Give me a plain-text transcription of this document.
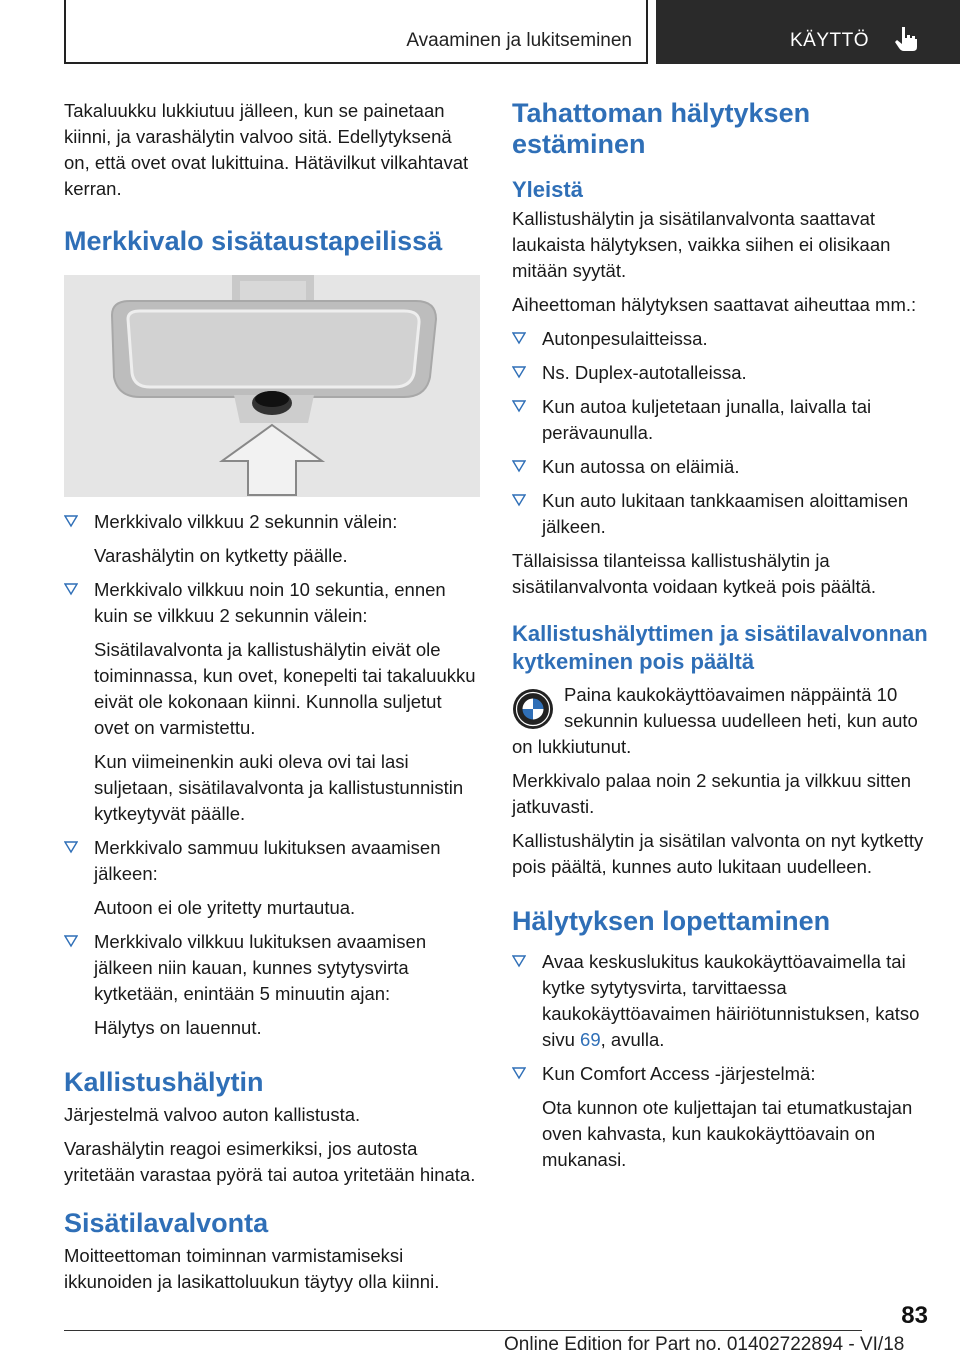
Avaaminen ja lukitseminen	KÄYTTÖ

Takaluukku lukkiutuu jälleen, kun se painetaan kiinni, ja varashälytin valvoo sitä. Edellytyksenä on, että ovet ovat lukittuina. Hätävilkut vilkahtavat kerran.

Merkkivalo sisätaustapeilissä
Merkkivalo vilkkuu 2 sekunnin välein:
Varashälytin on kytketty päälle.
Merkkivalo vilkkuu noin 10 sekuntia, ennen kuin se vilkkuu 2 sekunnin välein:
Sisätilavalvonta ja kallistushälytin eivät ole toiminnassa, kun ovet, konepelti tai takaluukku eivät ole kokonaan kiinni. Kunnolla suljetut ovet on varmistettu.
Kun viimeinenkin auki oleva ovi tai lasi suljetaan, sisätilavalvonta ja kallistustunnistin kytkeytyvät päälle.
Merkkivalo sammuu lukituksen avaamisen jälkeen:
Autoon ei ole yritetty murtautua.
Merkkivalo vilkkuu lukituksen avaamisen jälkeen niin kauan, kunnes sytytysvirta kytketään, enintään 5 minuutin ajan:
Hälytys on lauennut.
Kallistushälytin

Järjestelmä valvoo auton kallistusta.

Varashälytin reagoi esimerkiksi, jos autosta yritetään varastaa pyörä tai autoa yritetään hinata.

Sisätilavalvonta

Moitteettoman toiminnan varmistamiseksi ikkunoiden ja lasikattoluukun täytyy olla kiinni.

Tahattoman hälytyksen estäminen
Yleistä

Kallistushälytin ja sisätilanvalvonta saattavat laukaista hälytyksen, vaikka siihen ei olisikaan mitään syytät.

Aiheettoman hälytyksen saattavat aiheuttaa mm.:

Autonpesulaitteissa.
Ns. Duplex-autotalleissa.
Kun autoa kuljetetaan junalla, laivalla tai perävaunulla.
Kun autossa on eläimiä.
Kun auto lukitaan tankkaamisen aloittamisen jälkeen.

Tällaisissa tilanteissa kallistushälytin ja sisätilanvalvonta voidaan kytkeä pois päältä.

Kallistushälyttimen ja sisätilavalvonnan kytkeminen pois päältä
Paina kaukokäyttöavaimen näppäintä 10 sekunnin kuluessa uudelleen heti, kun auto on lukkiutunut.

Merkkivalo palaa noin 2 sekuntia ja vilkkuu sitten jatkuvasti.

Kallistushälytin ja sisätilan valvonta on nyt kytketty pois päältä, kunnes auto lukitaan uudelleen.

Hälytyksen lopettaminen
Avaa keskuslukitus kaukokäyttöavaimella tai kytke sytytysvirta, tarvittaessa kaukokäyttöavaimen häiriötunnistuksen, katso sivu 69, avulla.
Kun Comfort Access -järjestelmä:
Ota kunnon ote kuljettajan tai etumatkustajan oven kahvasta, kun kaukokäyttöavain on mukanasi.
83
Online Edition for Part no. 01402722894 - VI/18
